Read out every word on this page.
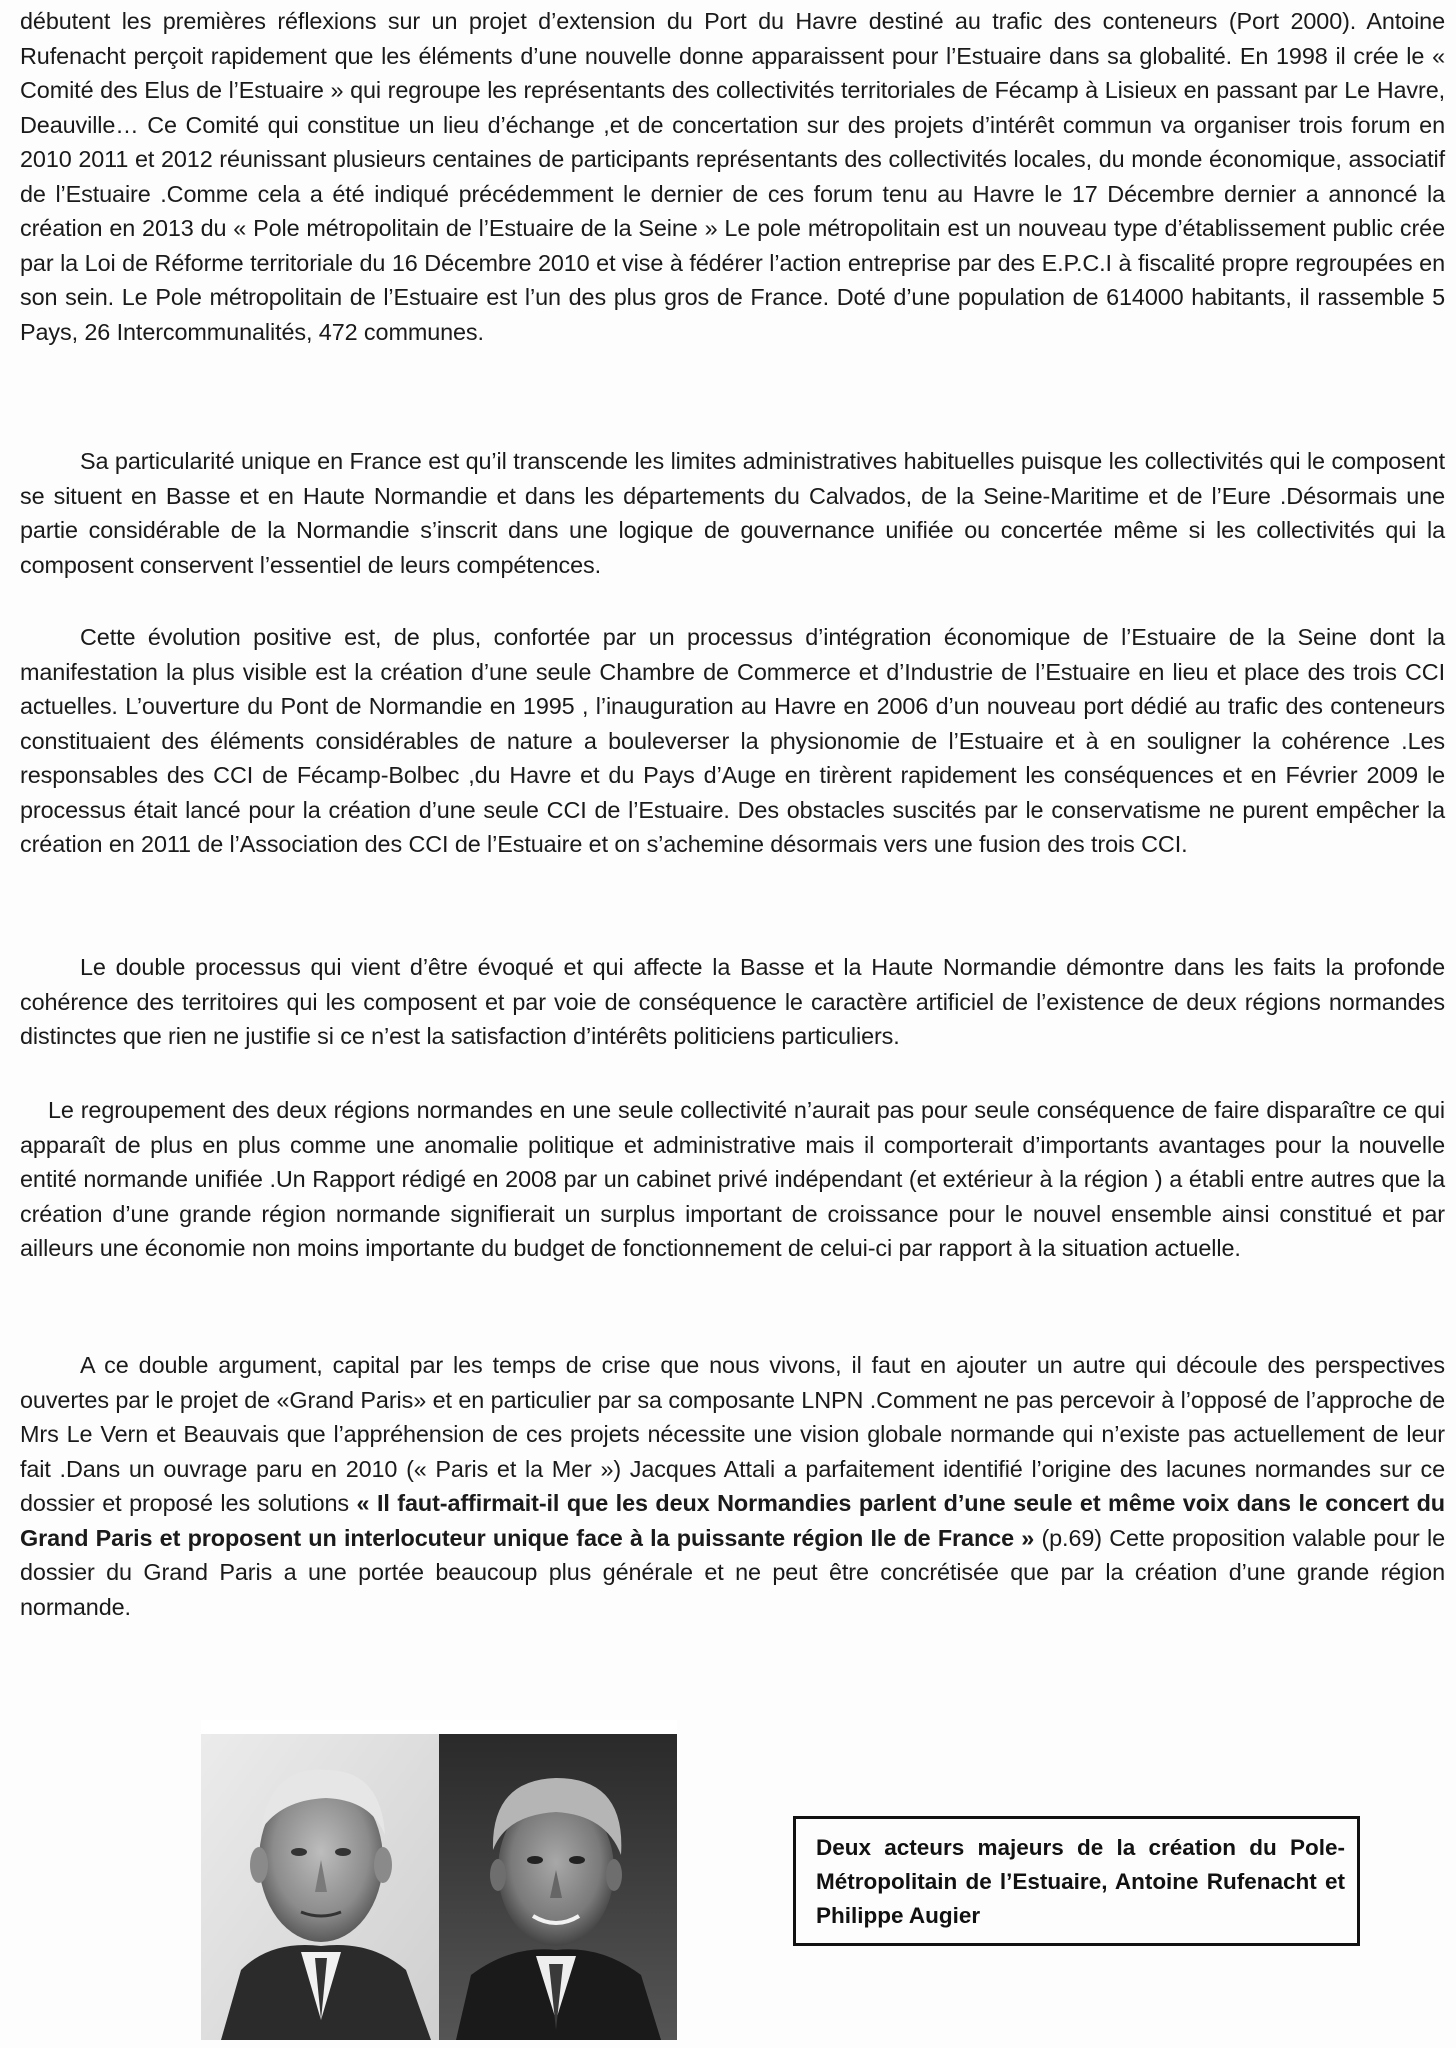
débutent les premières réflexions sur un projet d’extension du Port du Havre destiné au trafic des conteneurs (Port 2000). Antoine Rufenacht perçoit rapidement que les éléments d’une nouvelle donne apparaissent pour l’Estuaire dans sa globalité. En 1998 il crée le « Comité des Elus de l’Estuaire » qui regroupe les représentants des collectivités territoriales de Fécamp à Lisieux en passant par Le Havre, Deauville… Ce Comité qui constitue un lieu d’échange ,et de concertation sur des projets d’intérêt commun va organiser trois forum en 2010 2011 et 2012 réunissant plusieurs centaines de participants représentants des collectivités locales, du monde économique, associatif de l’Estuaire .Comme cela a été indiqué précédemment le dernier de ces forum tenu au Havre le 17 Décembre dernier a annoncé la création en 2013 du « Pole métropolitain de l’Estuaire de la Seine » Le pole métropolitain est un nouveau type d’établissement public crée par la Loi de Réforme territoriale du 16 Décembre 2010 et vise à fédérer l’action entreprise par des E.P.C.I à fiscalité propre regroupées en son sein. Le Pole métropolitain de l’Estuaire est l’un des plus gros de France. Doté d’une population de 614000 habitants, il rassemble 5 Pays, 26 Intercommunalités, 472 communes.

Sa particularité unique en France est qu’il transcende les limites administratives habituelles puisque les collectivités qui le composent se situent en Basse et en Haute Normandie et dans les départements du Calvados, de la Seine-Maritime et de l’Eure .Désormais une partie considérable de la Normandie s’inscrit dans une logique de gouvernance unifiée ou concertée même si les collectivités qui la composent conservent l’essentiel de leurs compétences.

Cette évolution positive est, de plus, confortée par un processus d’intégration économique de l’Estuaire de la Seine dont la manifestation la plus visible est la création d’une seule Chambre de Commerce et d’Industrie de l’Estuaire en lieu et place des trois CCI actuelles. L’ouverture du Pont de Normandie en 1995 , l’inauguration au Havre en 2006 d’un nouveau port dédié au trafic des conteneurs constituaient des éléments considérables de nature a bouleverser la physionomie de l’Estuaire et à en souligner la cohérence .Les responsables des CCI de Fécamp-Bolbec ,du Havre et du Pays d’Auge en tirèrent rapidement les conséquences et en Février 2009 le processus était lancé pour la création d’une seule CCI de l’Estuaire. Des obstacles suscités par le conservatisme ne purent empêcher la création en 2011 de l’Association des CCI de l’Estuaire et on s’achemine désormais vers une fusion des trois CCI.

Le double processus qui vient d’être évoqué et qui affecte la Basse et la Haute Normandie démontre dans les faits la profonde cohérence des territoires qui les composent et par voie de conséquence le caractère artificiel de l’existence de deux régions normandes distinctes que rien ne justifie si ce n’est la satisfaction d’intérêts politiciens particuliers.

Le regroupement des deux régions normandes en une seule collectivité n’aurait pas pour seule conséquence de faire disparaître ce qui apparaît de plus en plus comme une anomalie politique et administrative mais il comporterait d’importants avantages pour la nouvelle entité normande unifiée .Un Rapport rédigé en 2008 par un cabinet privé indépendant (et extérieur à la région ) a établi entre autres que la création d’une grande région normande signifierait un surplus important de croissance pour le nouvel ensemble ainsi constitué et par ailleurs une économie non moins importante du budget de fonctionnement de celui-ci par rapport à la situation actuelle.

A ce double argument, capital par les temps de crise que nous vivons, il faut en ajouter un autre qui découle des perspectives ouvertes par le projet de «Grand Paris» et en particulier par sa composante LNPN .Comment ne pas percevoir à l’opposé de l’approche de Mrs Le Vern et Beauvais que l’appréhension de ces projets nécessite une vision globale normande qui n’existe pas actuellement de leur fait .Dans un ouvrage paru en 2010 (« Paris et la Mer ») Jacques Attali a parfaitement identifié l’origine des lacunes normandes sur ce dossier et proposé les solutions « Il faut-affirmait-il que les deux Normandies parlent d’une seule et même voix dans le concert du Grand Paris et proposent un interlocuteur unique face à la puissante région Ile de France » (p.69) Cette proposition valable pour le dossier du Grand Paris a une portée beaucoup plus générale et ne peut être concrétisée que par la création d’une grande région normande.

Deux acteurs majeurs de la création du Pole-Métropolitain de l’Estuaire, Antoine Rufenacht et Philippe Augier
